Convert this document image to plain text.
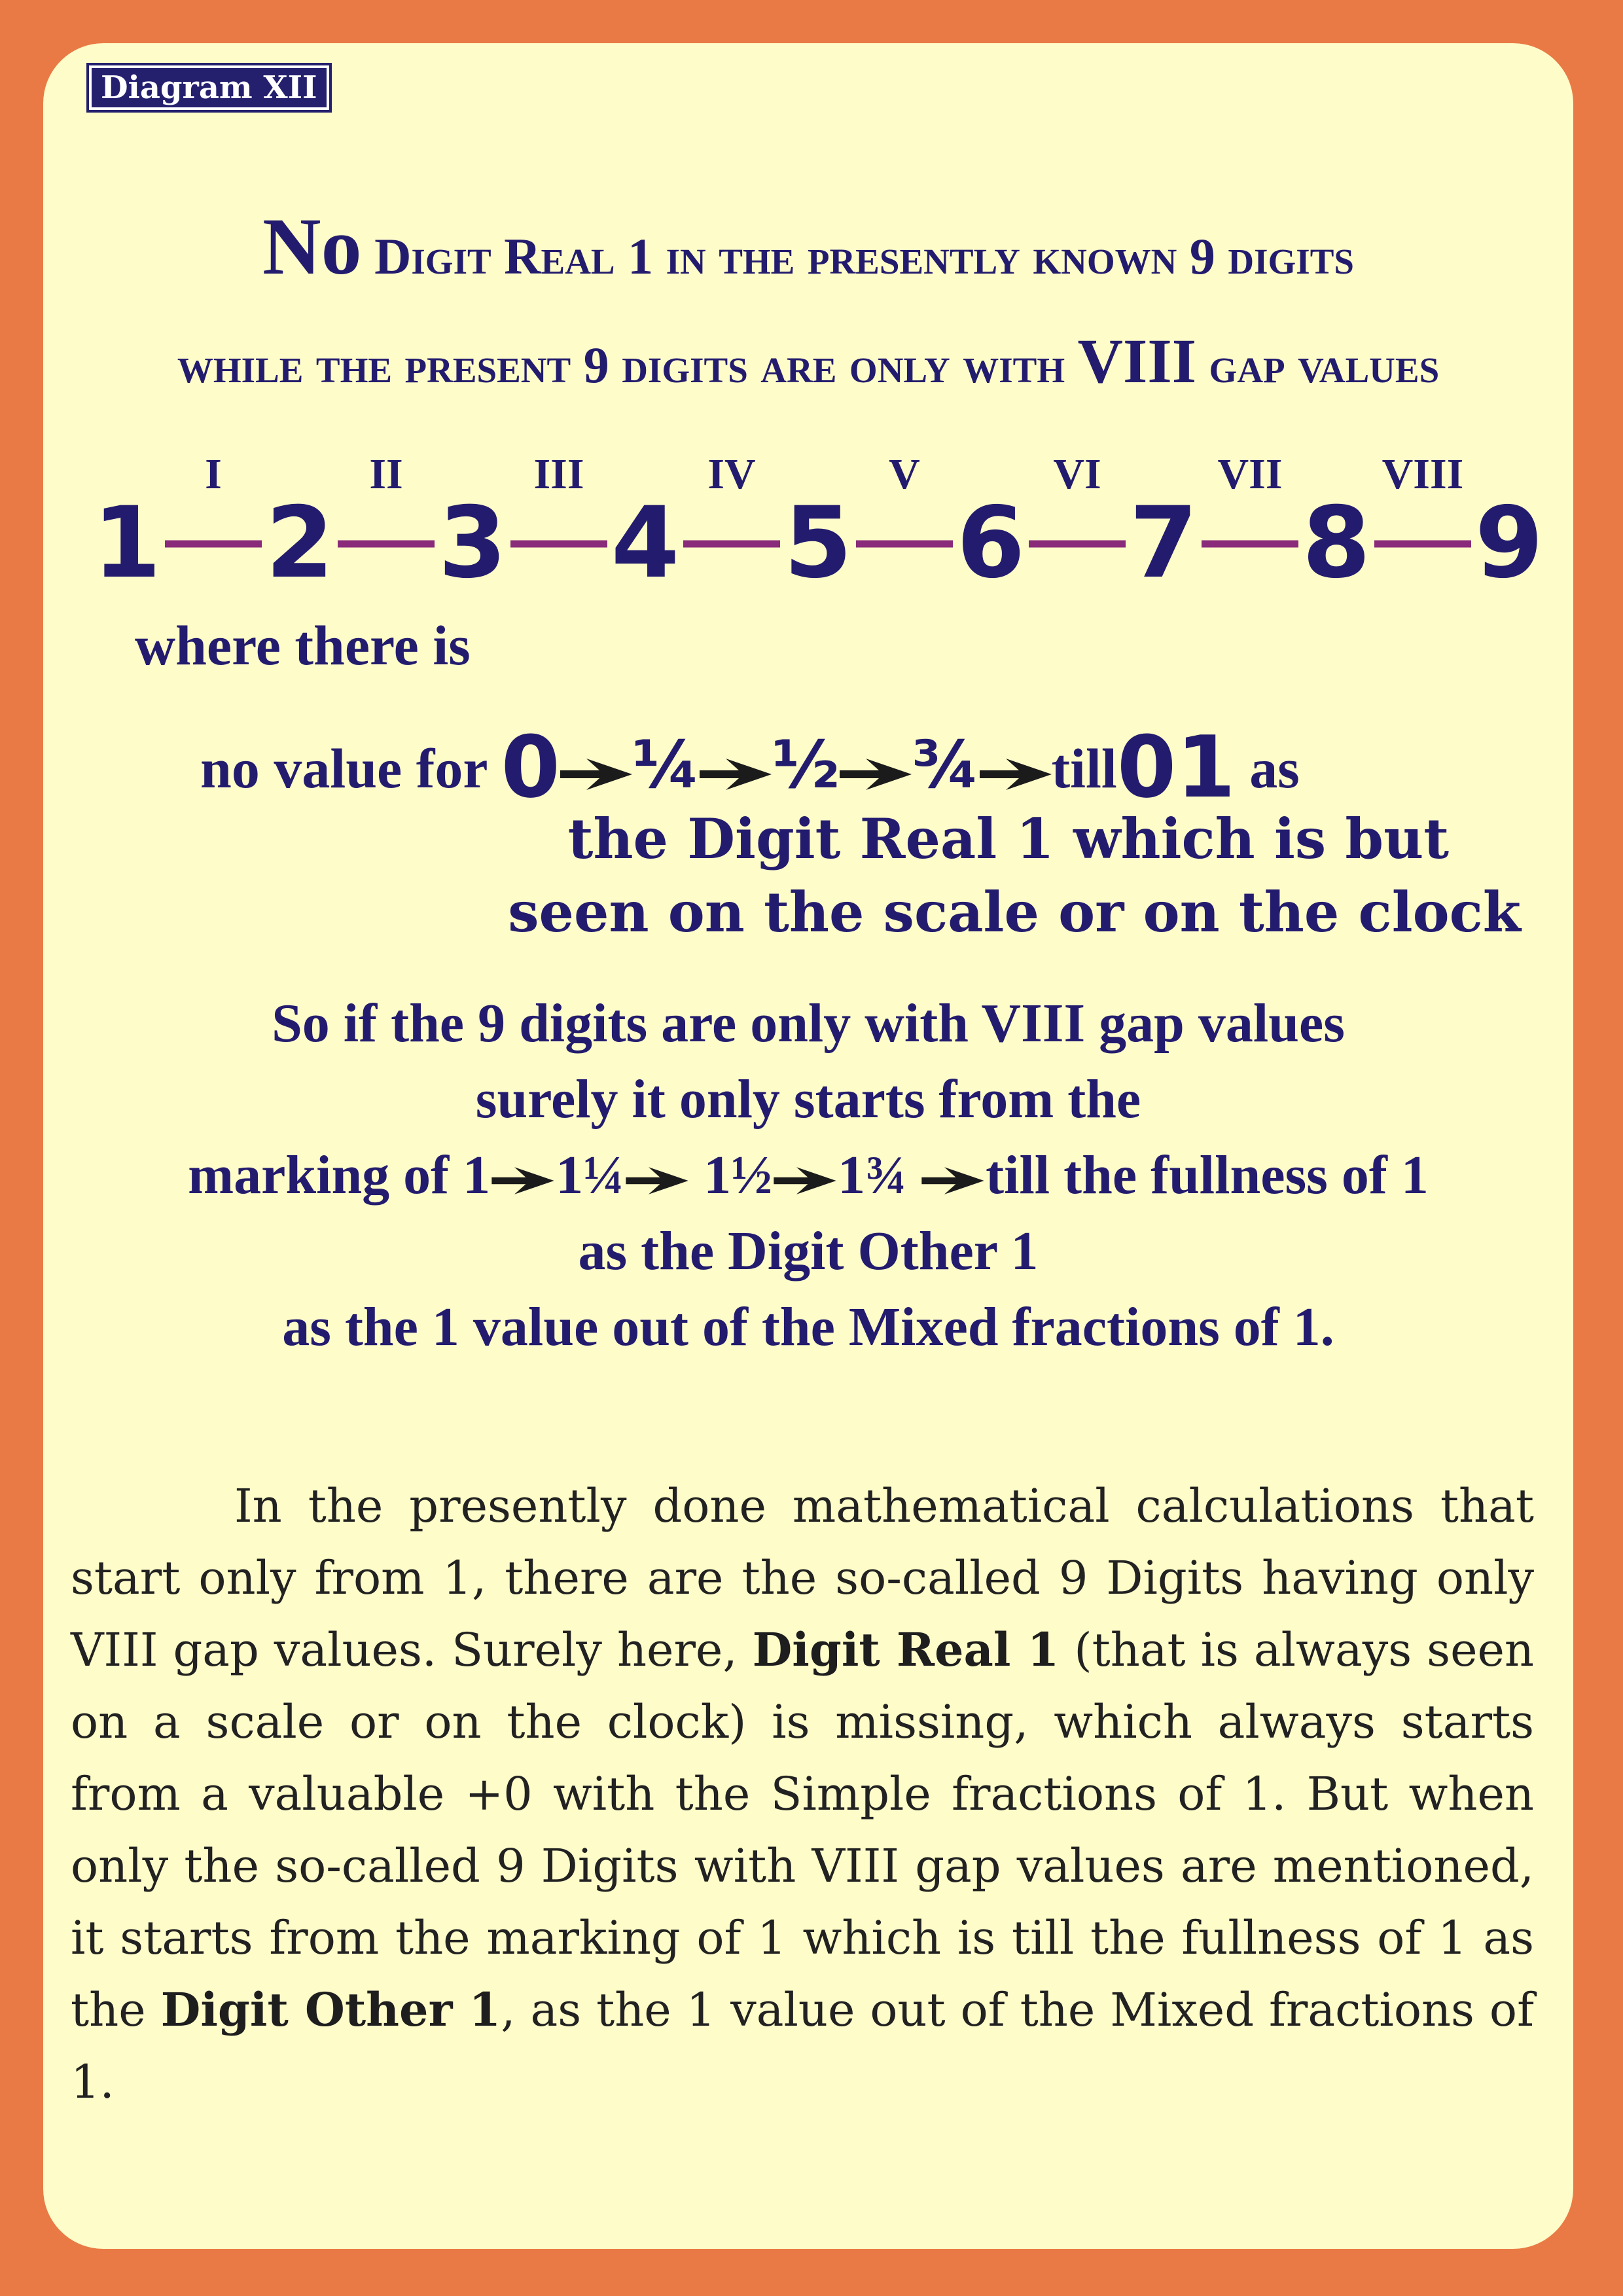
Diagram XII
No Digit Real 1 in the presently known 9 digits
while the present 9 digits are only with VIII gap values
I	II	III	IV	V	VI	VII VIII
1 2 3 4 5 6 7 8 9
where there is
no value for 0 ¼ ½ ¾ till01 as
the Digit Real 1 which is but
seen on the scale or on the clock
So if the 9 digits are only with VIII gap values
surely it only starts from the
marking of 1 1¼ 1½ 1¾ till the fullness of 1
as the Digit Other 1
as the 1 value out of the Mixed fractions of 1.
In the presently done mathematical calculations that start only from 1, there are the so-called 9 Digits having only VIII gap values. Surely here, Digit Real 1 (that is always seen on a scale or on the clock) is missing, which always starts from a valuable +0 with the Simple fractions of 1. But when only the so-called 9 Digits with VIII gap values are mentioned, it starts from the marking of 1 which is till the fullness of 1 as the Digit Other 1, as the 1 value out of the Mixed fractions of 1.
